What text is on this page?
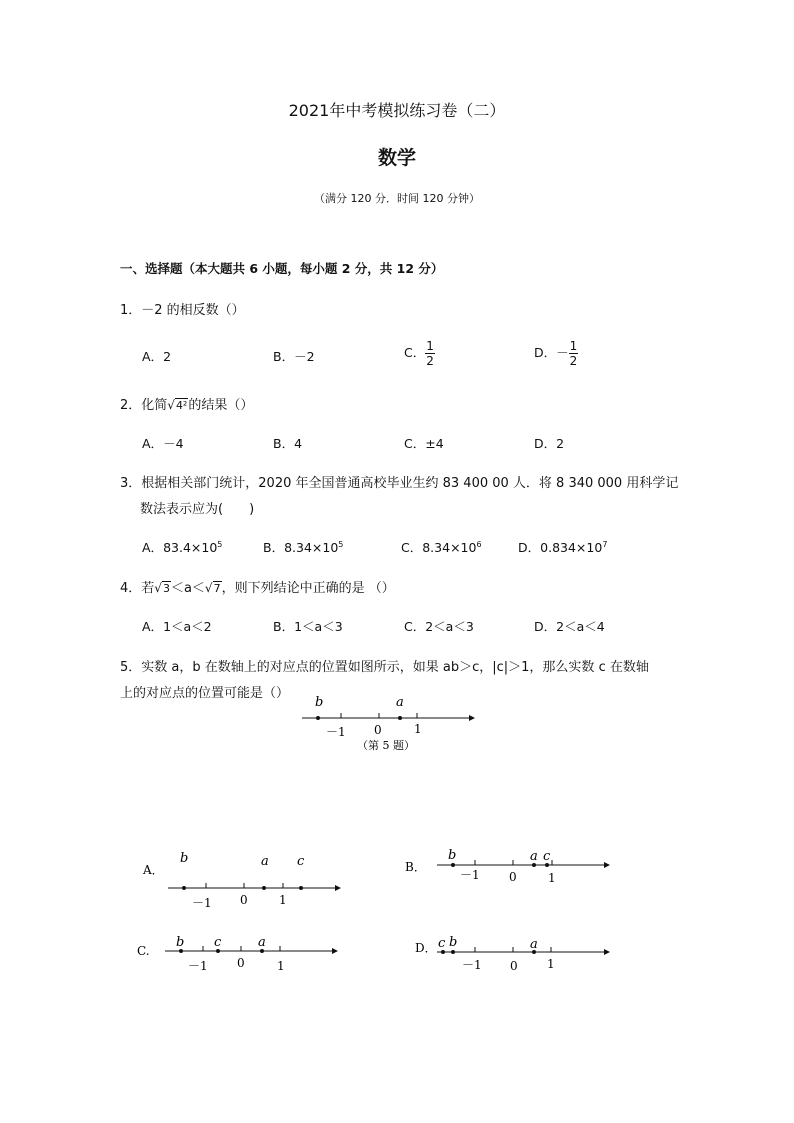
2021年中考模拟练习卷（二）
数学
（满分 120 分．时间 120 分钟）
一、选择题（本大题共 6 小题，每小题 2 分，共 12 分）
1．－2 的相反数（）
A．2	B．－2	C． $\frac{1}{2}$	D．－ $\frac{1}{2}$
2．化简√4²的结果（）
A．－4	B．4	C．±4	D．2
3．根据相关部门统计，2020 年全国普通高校毕业生约 83 400 00 人．将 8 340 000 用科学记
数法表示应为(　　)
A．$83.4\times 10^5$	B．$8.34\times 10^5$	C．$8.34\times 10^6$	D．$0.834\times 10^7$
4．若√3＜a＜√7，则下列结论中正确的是 （）
A．1＜a＜2	B．1＜a＜3	C．2＜a＜3	D．2＜a＜4
5．实数 a，b 在数轴上的对应点的位置如图所示，如果 ab＞c，|c|＞1，那么实数 c 在数轴
上的对应点的位置可能是（）
b	a
－1 0	1
（第 5 题）
A．
b	a c
－1 0	1
B．
b	a c
－1 0	1
C.
b c	a
－1 0	1
D． c b	a
－1 0 1
